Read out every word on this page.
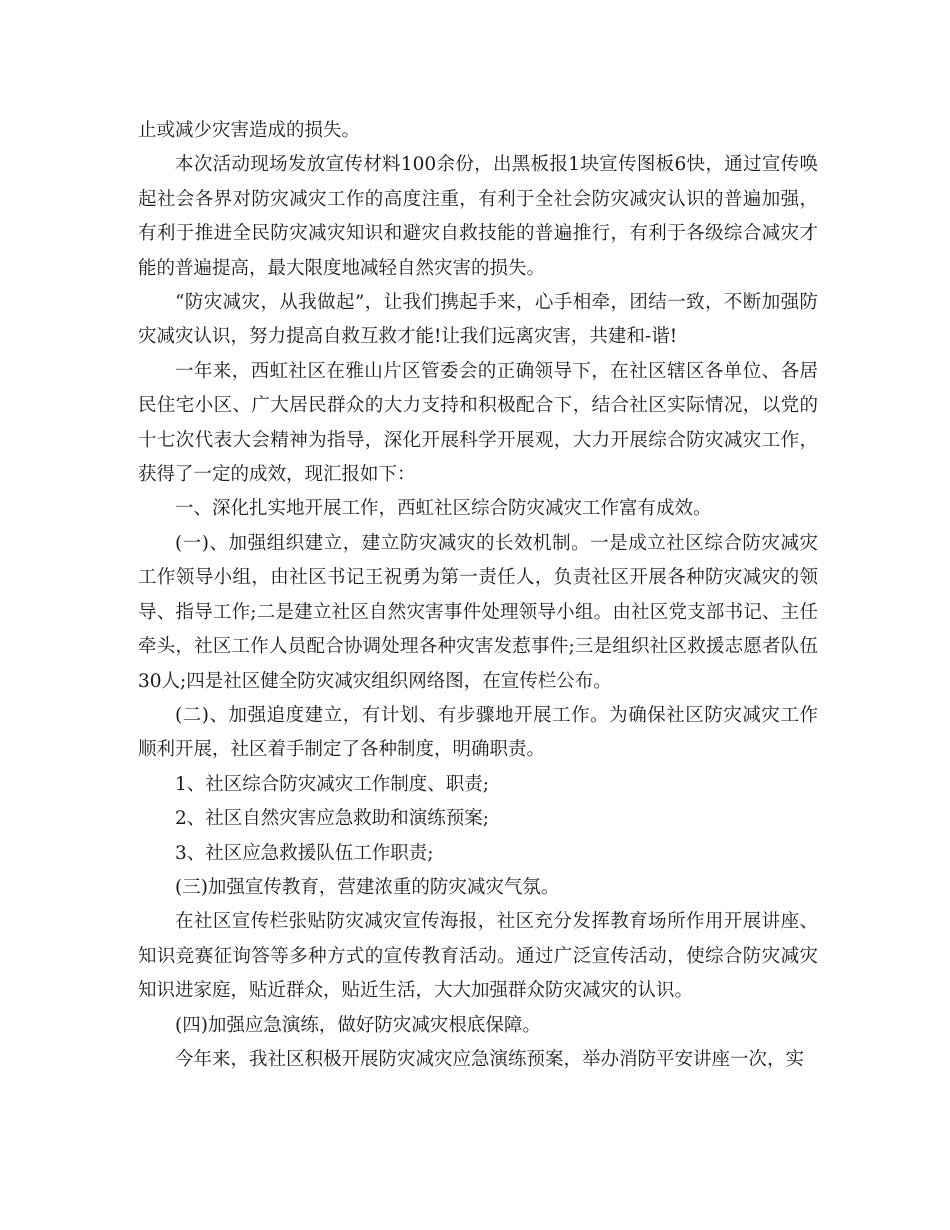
止或减少灾害造成的损失。

本次活动现场发放宣传材料100余份，出黑板报1块宣传图板6快，通过宣传唤起社会各界对防灾减灾工作的高度注重，有利于全社会防灾减灾认识的普遍加强，有利于推进全民防灾减灾知识和避灾自救技能的普遍推行，有利于各级综合减灾才能的普遍提高，最大限度地减轻自然灾害的损失。

“防灾减灾，从我做起”，让我们携起手来，心手相牵，团结一致，不断加强防灾减灾认识，努力提高自救互救才能!让我们远离灾害，共建和-谐!

一年来，西虹社区在雅山片区管委会的正确领导下，在社区辖区各单位、各居民住宅小区、广大居民群众的大力支持和积极配合下，结合社区实际情况，以党的十七次代表大会精神为指导，深化开展科学开展观，大力开展综合防灾减灾工作，获得了一定的成效，现汇报如下：

一、深化扎实地开展工作，西虹社区综合防灾减灾工作富有成效。

(一)、加强组织建立，建立防灾减灾的长效机制。一是成立社区综合防灾减灾工作领导小组，由社区书记王祝勇为第一责任人，负责社区开展各种防灾减灾的领导、指导工作;二是建立社区自然灾害事件处理领导小组。由社区党支部书记、主任牵头，社区工作人员配合协调处理各种灾害发惹事件;三是组织社区救援志愿者队伍30人;四是社区健全防灾减灾组织网络图，在宣传栏公布。

(二)、加强追度建立，有计划、有步骤地开展工作。为确保社区防灾减灾工作顺利开展，社区着手制定了各种制度，明确职责。

1、社区综合防灾减灾工作制度、职责;

2、社区自然灾害应急救助和演练预案;

3、社区应急救援队伍工作职责;

(三)加强宣传教育，营建浓重的防灾减灾气氛。

在社区宣传栏张贴防灾减灾宣传海报，社区充分发挥教育场所作用开展讲座、知识竞赛征询答等多种方式的宣传教育活动。通过广泛宣传活动，使综合防灾减灾知识进家庭，贴近群众，贴近生活，大大加强群众防灾减灾的认识。

(四)加强应急演练，做好防灾减灾根底保障。

今年来，我社区积极开展防灾减灾应急演练预案，举办消防平安讲座一次，实
